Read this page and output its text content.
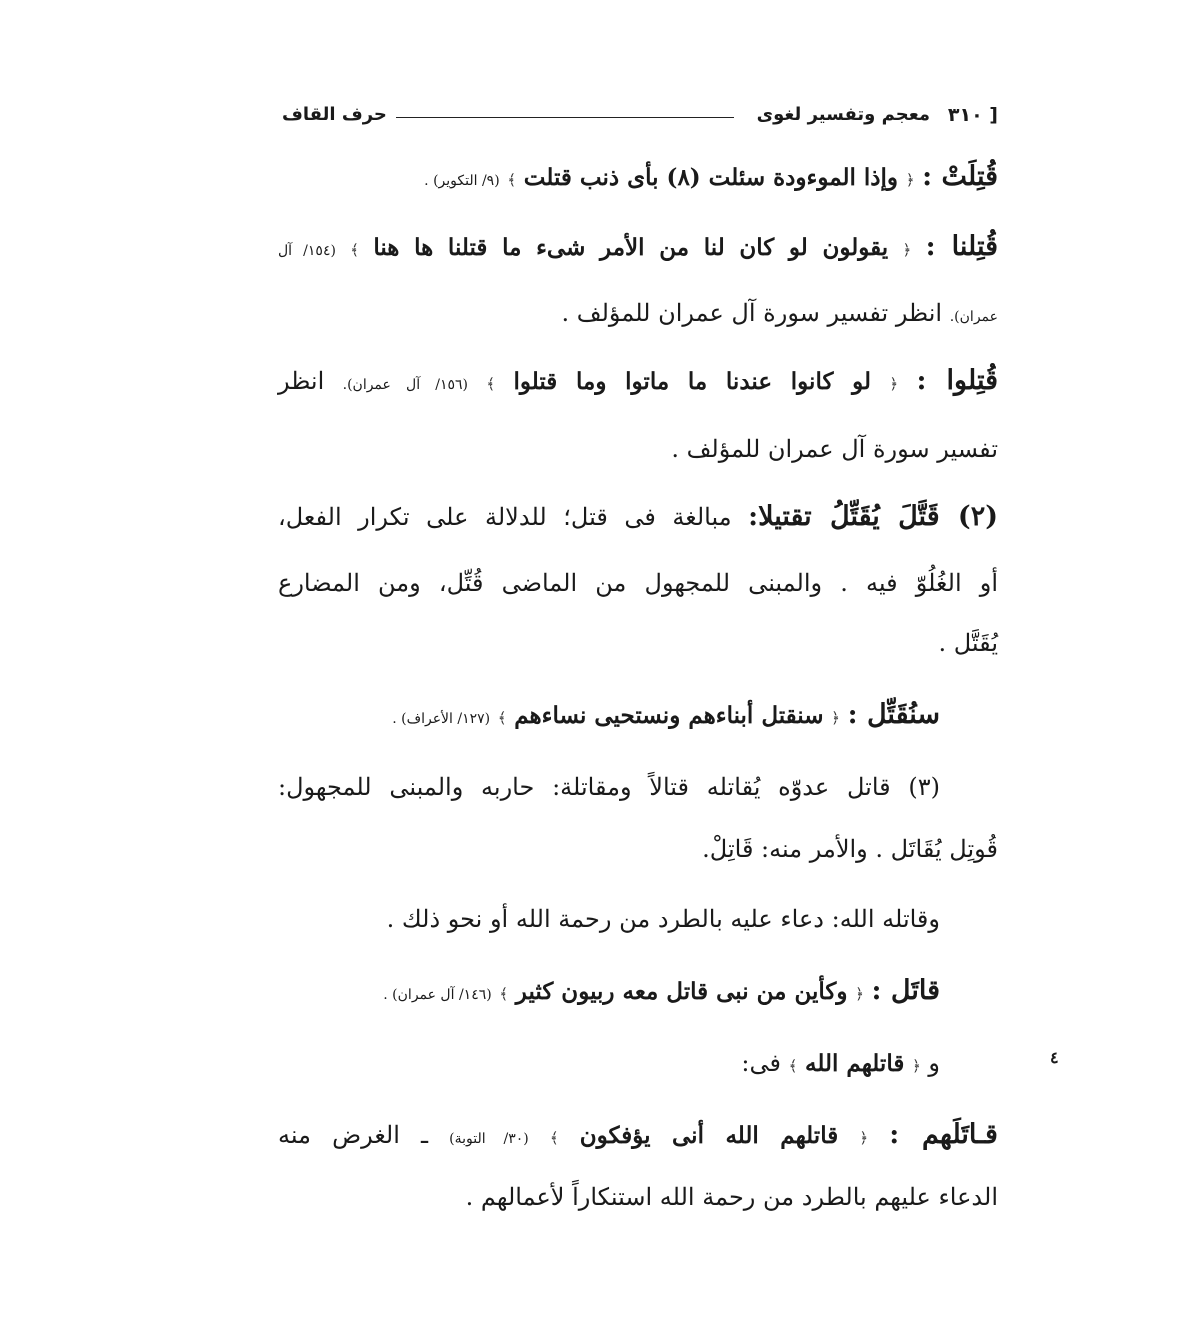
[ ٣١٠
معجم وتفسير لغوى
حرف القاف
قُتِلَتْ : ﴿ وإذا الموءودة سئلت (٨) بأى ذنب قتلت ﴾ (٩/ التكوير) .
قُتِلنا : ﴿ يقولون لو كان لنا من الأمر شىء ما قتلنا ها هنا ﴾ (١٥٤/ آل
عمران). انظر تفسير سورة آل عمران للمؤلف .
قُتِلوا : ﴿ لو كانوا عندنا ما ماتوا وما قتلوا ﴾ (١٥٦/ آل عمران). انظر
تفسير سورة آل عمران للمؤلف .
(٢) قَتَّلَ يُقَتِّلُ تقتيلا: مبالغة فى قتل؛ للدلالة على تكرار الفعل،
أو الغُلُوّ فيه . والمبنى للمجهول من الماضى قُتِّل، ومن المضارع
يُقَتَّل .
سنُقَتِّل : ﴿ سنقتل أبناءهم ونستحيى نساءهم ﴾ (١٢٧/ الأعراف) .
(٣) قاتل عدوّه يُقاتله قتالاً ومقاتلة: حاربه والمبنى للمجهول:
قُوتِل يُقَاتَل . والأمر منه: قَاتِلْ.
وقاتله الله: دعاء عليه بالطرد من رحمة الله أو نحو ذلك .
قاتَل : ﴿ وكأين من نبى قاتل معه ربيون كثير ﴾ (١٤٦/ آل عمران) .
و ﴿ قاتلهم الله ﴾ فى:
قـاتَلَهم : ﴿ قاتلهم الله أنى يؤفكون ﴾ (٣٠/ التوبة) ـ الغرض منه
الدعاء عليهم بالطرد من رحمة الله استنكاراً لأعمالهم .
٤
